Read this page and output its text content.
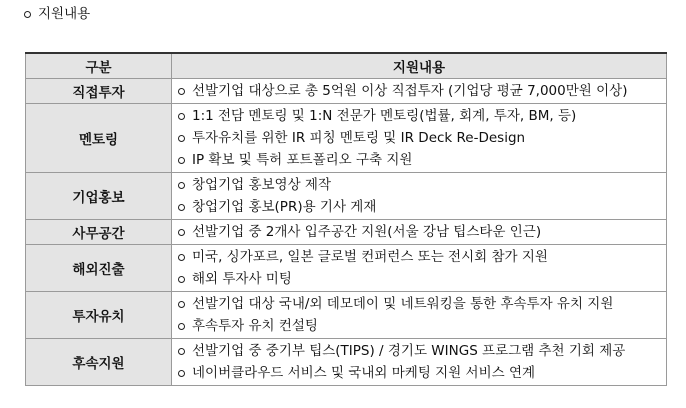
지원내용
구분	지원내용
직접투자	선발기업 대상으로 총 5억원 이상 직접투자 (기업당 평균 7,000만원 이상)

멘토링	1:1 전담 멘토링 및 1:N 전문가 멘토링(법률, 회계, 투자, BM, 등)
투자유치를 위한 IR 피칭 멘토링 및 IR Deck Re-Design
IP 확보 및 특허 포트폴리오 구축 지원

기업홍보	창업기업 홍보영상 제작
창업기업 홍보(PR)용 기사 게재

사무공간	선발기업 중 2개사 입주공간 지원(서울 강남 팁스타운 인근)

해외진출	미국, 싱가포르, 일본 글로벌 컨퍼런스 또는 전시회 참가 지원
해외 투자사 미팅

투자유치	선발기업 대상 국내/외 데모데이 및 네트워킹을 통한 후속투자 유치 지원
후속투자 유치 컨설팅

후속지원	선발기업 중 중기부 팁스(TIPS) / 경기도 WINGS 프로그램 추천 기회 제공
네이버클라우드 서비스 및 국내외 마케팅 지원 서비스 연계
